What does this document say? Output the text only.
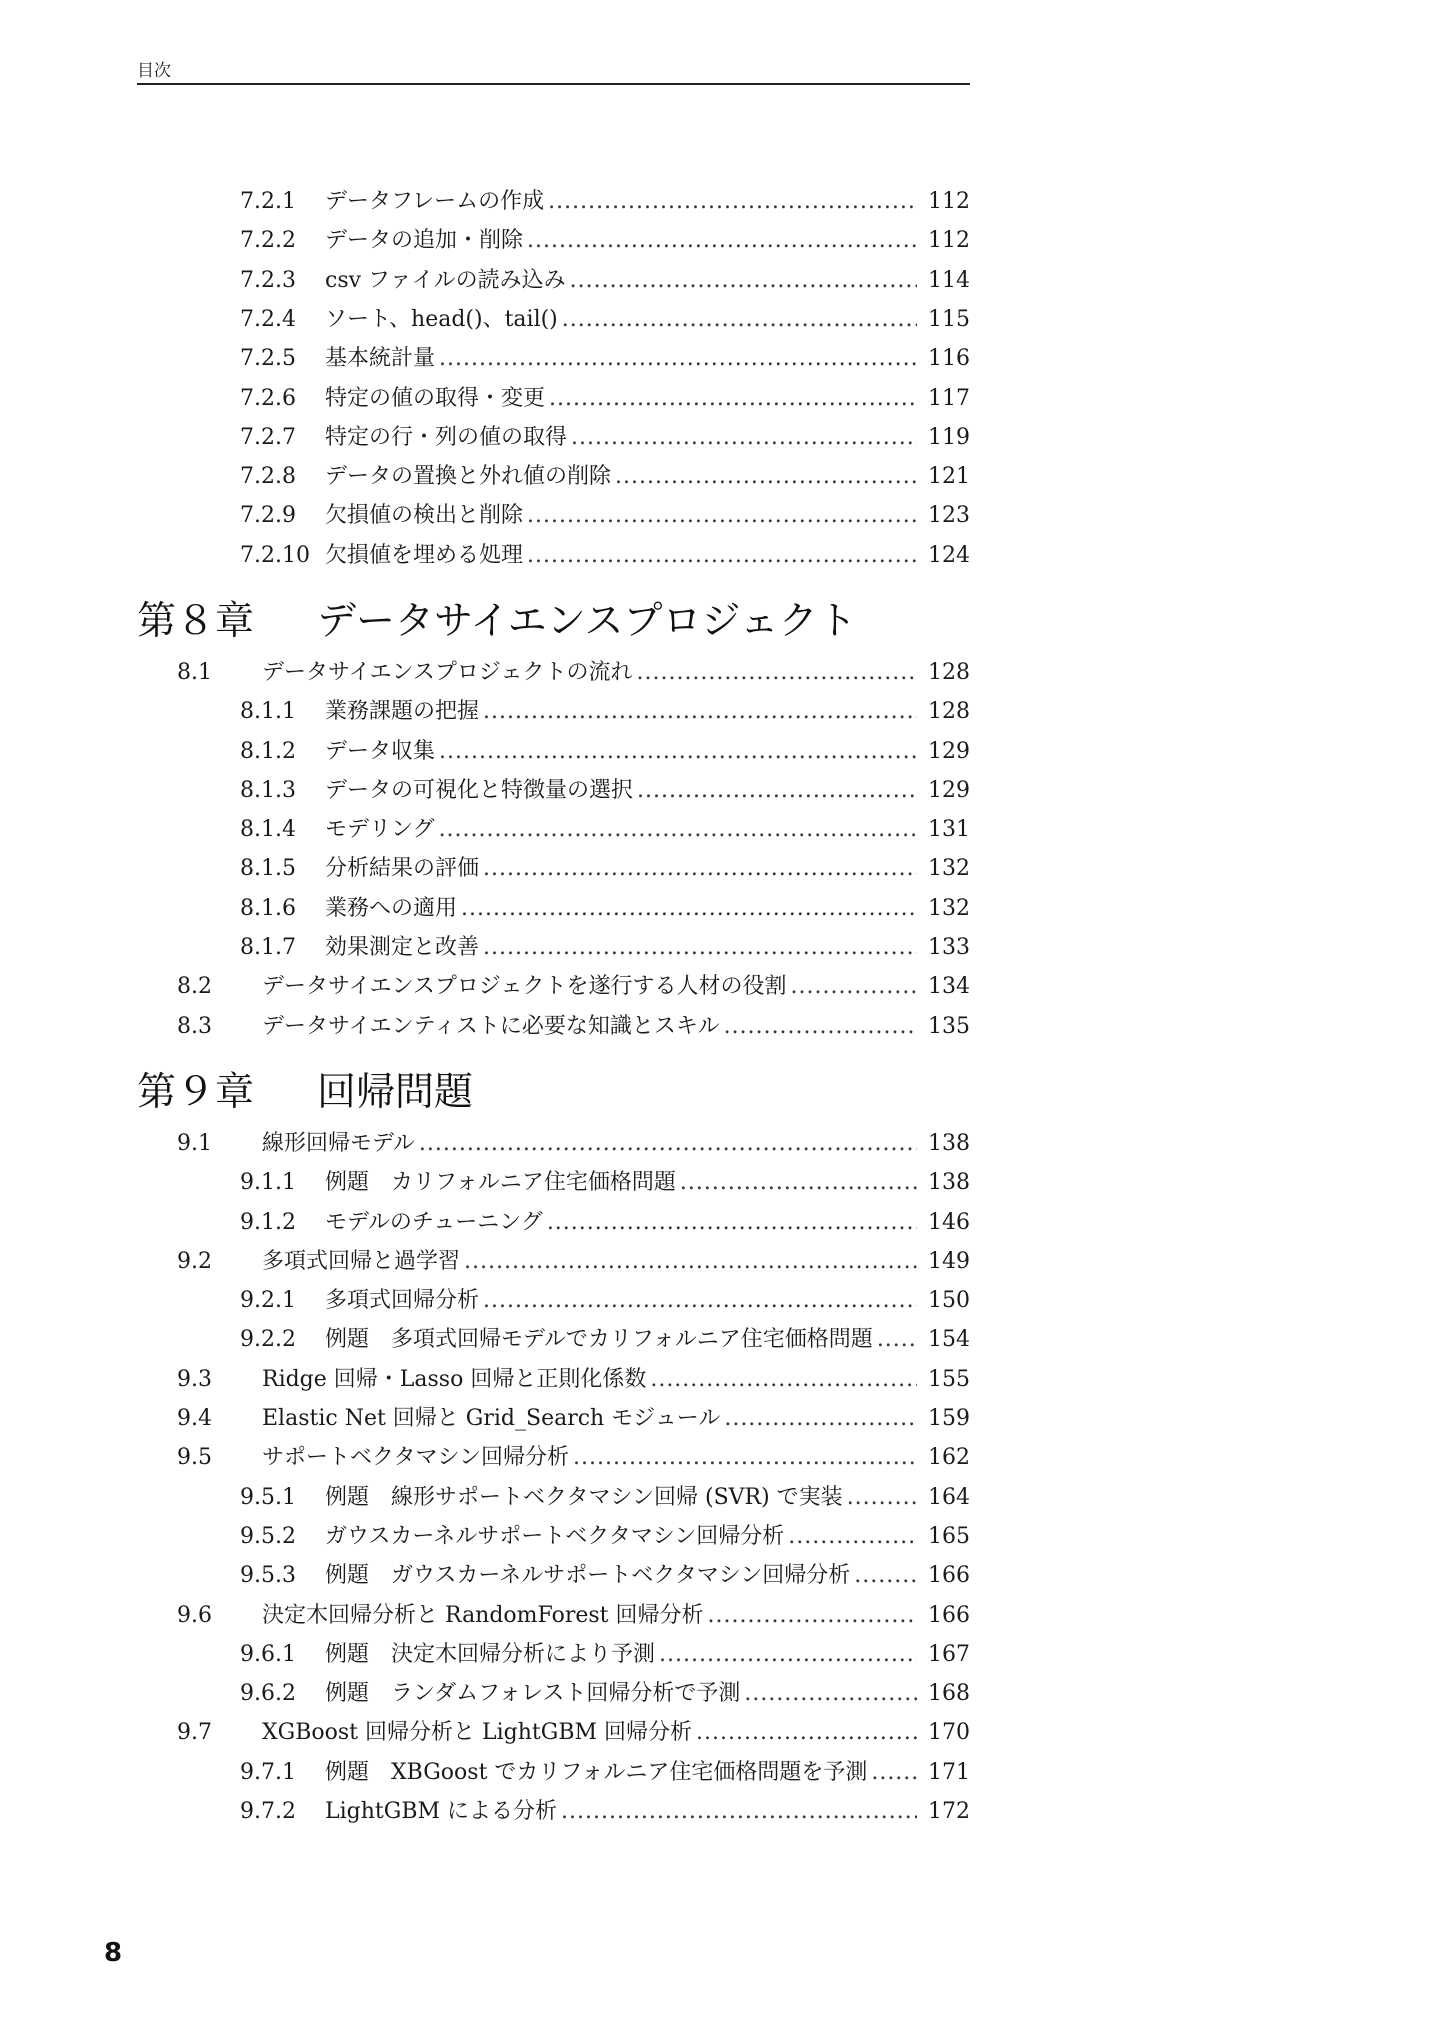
目次
7.2.1 データフレームの作成 .....	112
7.2.2 データの追加・削除 .....	112
7.2.3 csv ファイルの読み込み .....	114
7.2.4 ソート、head()、tail() .....	115
7.2.5 基本統計量 .....	116
7.2.6 特定の値の取得・変更 .....	117
7.2.7 特定の行・列の値の取得 .....	119
7.2.8 データの置換と外れ値の削除 .....	121
7.2.9 欠損値の検出と削除 .....	123
7.2.10 欠損値を埋める処理 .....	124
第８章 データサイエンスプロジェクト
8.1 データサイエンスプロジェクトの流れ .....	128
8.1.1 業務課題の把握 .....	128
8.1.2 データ収集 .....	129
8.1.3 データの可視化と特徴量の選択 .....	129
8.1.4 モデリング .....	131
8.1.5 分析結果の評価 .....	132
8.1.6 業務への適用 .....	132
8.1.7 効果測定と改善 .....	133
8.2 データサイエンスプロジェクトを遂行する人材の役割 .....	134
8.3 データサイエンティストに必要な知識とスキル .....	135
第９章 回帰問題
9.1 線形回帰モデル .....	138
9.1.1 例題　カリフォルニア住宅価格問題 .....	138
9.1.2 モデルのチューニング .....	146
9.2 多項式回帰と過学習 .....	149
9.2.1 多項式回帰分析 .....	150
9.2.2 例題　多項式回帰モデルでカリフォルニア住宅価格問題 .....	154
9.3 Ridge 回帰・Lasso 回帰と正則化係数 .....	155
9.4 Elastic Net 回帰と Grid_Search モジュール .....	159
9.5 サポートベクタマシン回帰分析 .....	162
9.5.1 例題　線形サポートベクタマシン回帰 (SVR) で実装 .....	164
9.5.2 ガウスカーネルサポートベクタマシン回帰分析 .....	165
9.5.3 例題　ガウスカーネルサポートベクタマシン回帰分析 .....	166
9.6 決定木回帰分析と RandomForest 回帰分析 .....	166
9.6.1 例題　決定木回帰分析により予測 .....	167
9.6.2 例題　ランダムフォレスト回帰分析で予測 .....	168
9.7 XGBoost 回帰分析と LightGBM 回帰分析 .....	170
9.7.1 例題　XBGoost でカリフォルニア住宅価格問題を予測 .....	171
9.7.2 LightGBM による分析 .....	172
8
